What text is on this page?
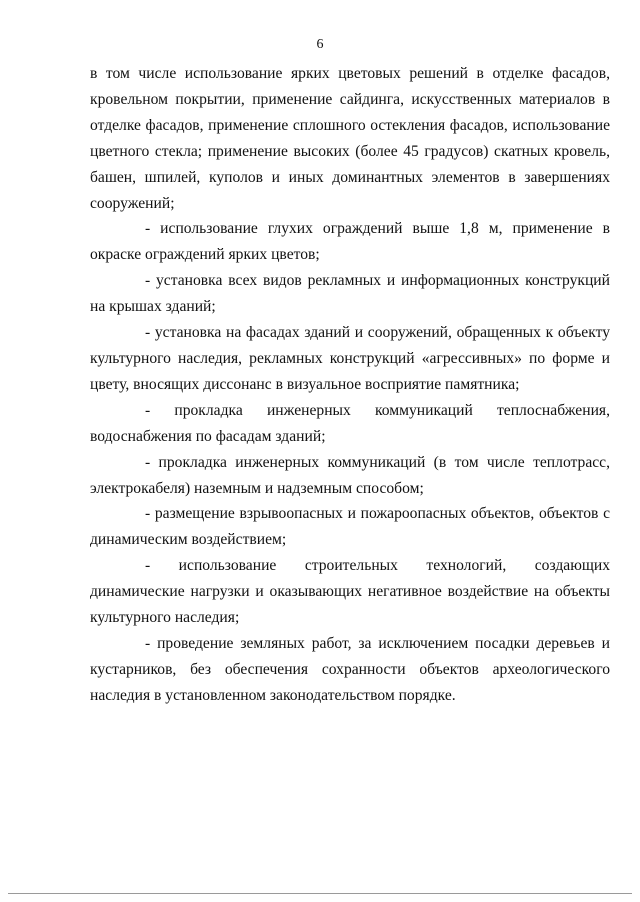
6

в том числе использование ярких цветовых решений в отделке фасадов, кровельном покрытии, применение сайдинга, искусственных материалов в отделке фасадов, применение сплошного остекления фасадов, использование цветного стекла; применение высоких (более 45 градусов) скатных кровель, башен, шпилей, куполов и иных доминантных элементов в завершениях сооружений;

- использование глухих ограждений выше 1,8 м, применение в окраске ограждений ярких цветов;

- установка всех видов рекламных и информационных конструкций на крышах зданий;

- установка на фасадах зданий и сооружений, обращенных к объекту культурного наследия, рекламных конструкций «агрессивных» по форме и цвету, вносящих диссонанс в визуальное восприятие памятника;

- прокладка инженерных коммуникаций теплоснабжения, водоснабжения по фасадам зданий;

- прокладка инженерных коммуникаций (в том числе теплотрасс, электрокабеля) наземным и надземным способом;

- размещение взрывоопасных и пожароопасных объектов, объектов с динамическим воздействием;

- использование строительных технологий, создающих динамические нагрузки и оказывающих негативное воздействие на объекты культурного наследия;

- проведение земляных работ, за исключением посадки деревьев и кустарников, без обеспечения сохранности объектов археологического наследия в установленном законодательством порядке.
